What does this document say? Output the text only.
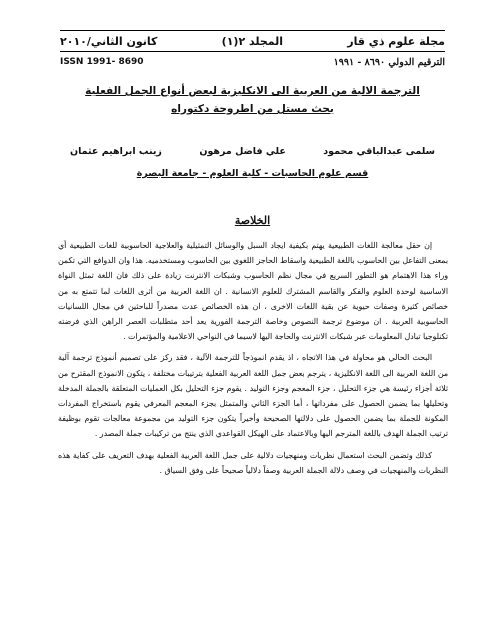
مجلة علوم ذي قار
المجلد ٢(١)
كانون الثاني/٢٠١٠
الترقيم الدولي ٨٦٩٠ - ١٩٩١
ISSN 1991- 8690
الترجمة الالية من العربية الى الانكليزية لبعض أنواع الجمل الفعلية
بحث مستل من اطروحة دكتوراه
سلمى عبدالباقي محمود
علي فاضل مرهون
زينب ابراهيم عثمان
قسم علوم الحاسبات - كلية العلوم - جامعة البصرة
الخلاصة

إن حقل معالجة اللغات الطبيعية يهتم بكيفية ايجاد السبل والوسائل التمثيلية والعلاجية الحاسوبية للغات الطبيعية أي بمعنى التفاعل بين الحاسوب باللغة الطبيعية واسقاط الحاجز اللغوي بين الحاسوب ومستخدميه. هذا وان الدوافع التي تكمن وراء هذا الاهتمام هو التطور السريع في مجال نظم الحاسوب وشبكات الانترنت زيادة على ذلك فان اللغة تمثل النواة الاساسية لوحدة العلوم والفكر والقاسم المشترك للعلوم الانسانية . ان اللغة العربية من أثرى اللغات لما تتمتع به من خصائص كثيرة وصفات حيوية عن بقية اللغات الاخرى ، ان هذه الخصائص عدت مصدراً للباحثين في مجال اللسانيات الحاسوبية العربية . ان موضوع ترجمة النصوص وخاصة الترجمة الفورية يعد أحد متطلبات العصر الراهن الذي فرضته تكنلوجيا تبادل المعلومات عبر شبكات الانترنت والحاجة اليها لاسيما في النواحي الاعلامية والمؤتمرات .

البحث الحالي هو محاولة في هذا الاتجاه ، اذ يقدم انموذجاً للترجمة الآلية ، فقد ركز على تصميم أنموذج ترجمة آلية من اللغة العربية الى اللغة الانكليزية ، يترجم بعض جمل اللغة العربية الفعلية بترتيبات مختلفة ، يتكون الانموذج المقترح من ثلاثة أجزاء رئيسة هي جزء التحليل ، جزء المعجم وجزء التوليد . يقوم جزء التحليل بكل العمليات المتعلقة بالجملة المدخلة وتحليلها بما يضمن الحصول على مفرداتها ، أما الجزء الثاني والمتمثل بجزء المعجم المعرفي يقوم باستخراج المفردات المكونة للجملة بما يضمن الحصول على دلالتها الصحيحة وأخيراً يتكون جزء التوليد من مجموعة معالجات تقوم بوظيفة ترتيب الجملة الهدف باللغة المترجم اليها وبالاعتماد على الهيكل القواعدي الذي ينتج من تركيبات جملة المصدر .

كذلك وتضمن البحث استعمال نظريات ومنهجيات دلالية على جمل اللغة العربية الفعلية بهدف التعريف على كفاية هذه النظريات والمنهجيات في وصف دلالة الجملة العربية وصفاً دلالياً صحيحاً على وفق السياق .
